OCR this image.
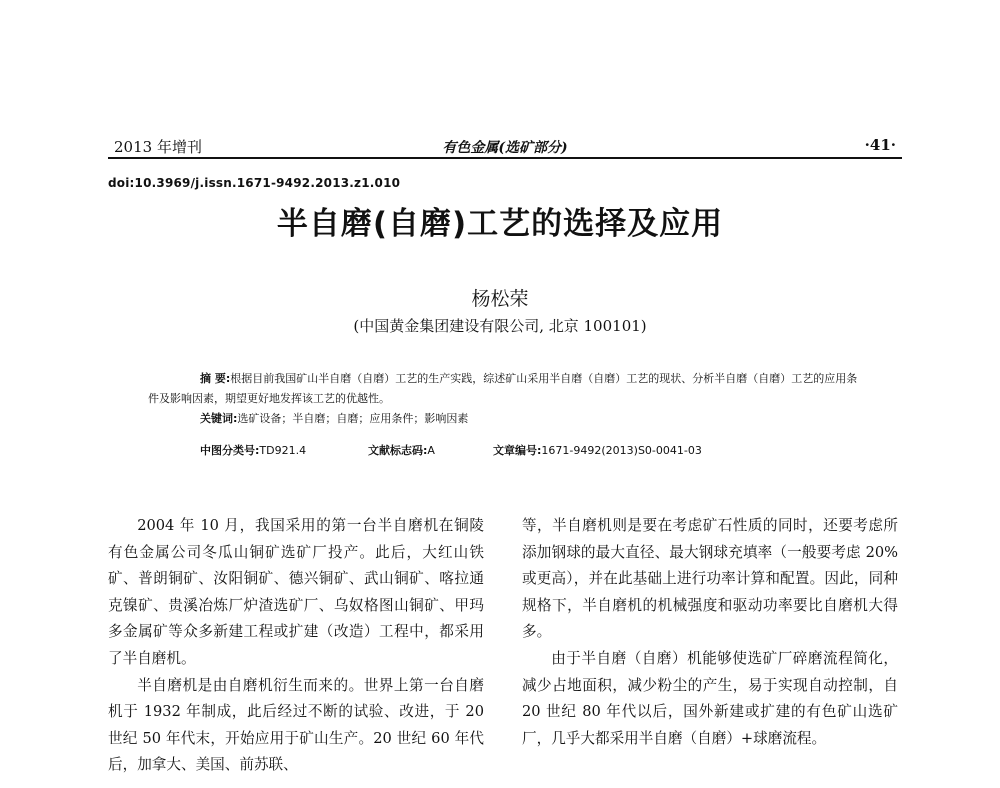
2013 年增刊	有色金属(选矿部分)	·41·
doi:10.3969/j.issn.1671-9492.2013.z1.010
半自磨(自磨)工艺的选择及应用
杨松荣
(中国黄金集团建设有限公司, 北京 100101)

摘 要:根据目前我国矿山半自磨（自磨）工艺的生产实践，综述矿山采用半自磨（自磨）工艺的现状、分析半自磨（自磨）工艺的应用条件及影响因素，期望更好地发挥该工艺的优越性。

关键词:选矿设备；半自磨；自磨；应用条件；影响因素

中图分类号:TD921.4	文献标志码:A	文章编号:1671-9492(2013)S0-0041-03

2004 年 10 月，我国采用的第一台半自磨机在铜陵有色金属公司冬瓜山铜矿选矿厂投产。此后，大红山铁矿、普朗铜矿、汝阳铜矿、德兴铜矿、武山铜矿、喀拉通克镍矿、贵溪冶炼厂炉渣选矿厂、乌奴格图山铜矿、甲玛多金属矿等众多新建工程或扩建（改造）工程中，都采用了半自磨机。

半自磨机是由自磨机衍生而来的。世界上第一台自磨机于 1932 年制成，此后经过不断的试验、改进，于 20 世纪 50 年代末，开始应用于矿山生产。20 世纪 60 年代后，加拿大、美国、前苏联、

等，半自磨机则是要在考虑矿石性质的同时，还要考虑所添加钢球的最大直径、最大钢球充填率（一般要考虑 20%或更高），并在此基础上进行功率计算和配置。因此，同种规格下，半自磨机的机械强度和驱动功率要比自磨机大得多。

由于半自磨（自磨）机能够使选矿厂碎磨流程简化，减少占地面积，减少粉尘的产生，易于实现自动控制，自 20 世纪 80 年代以后，国外新建或扩建的有色矿山选矿厂，几乎大都采用半自磨（自磨）+球磨流程。
